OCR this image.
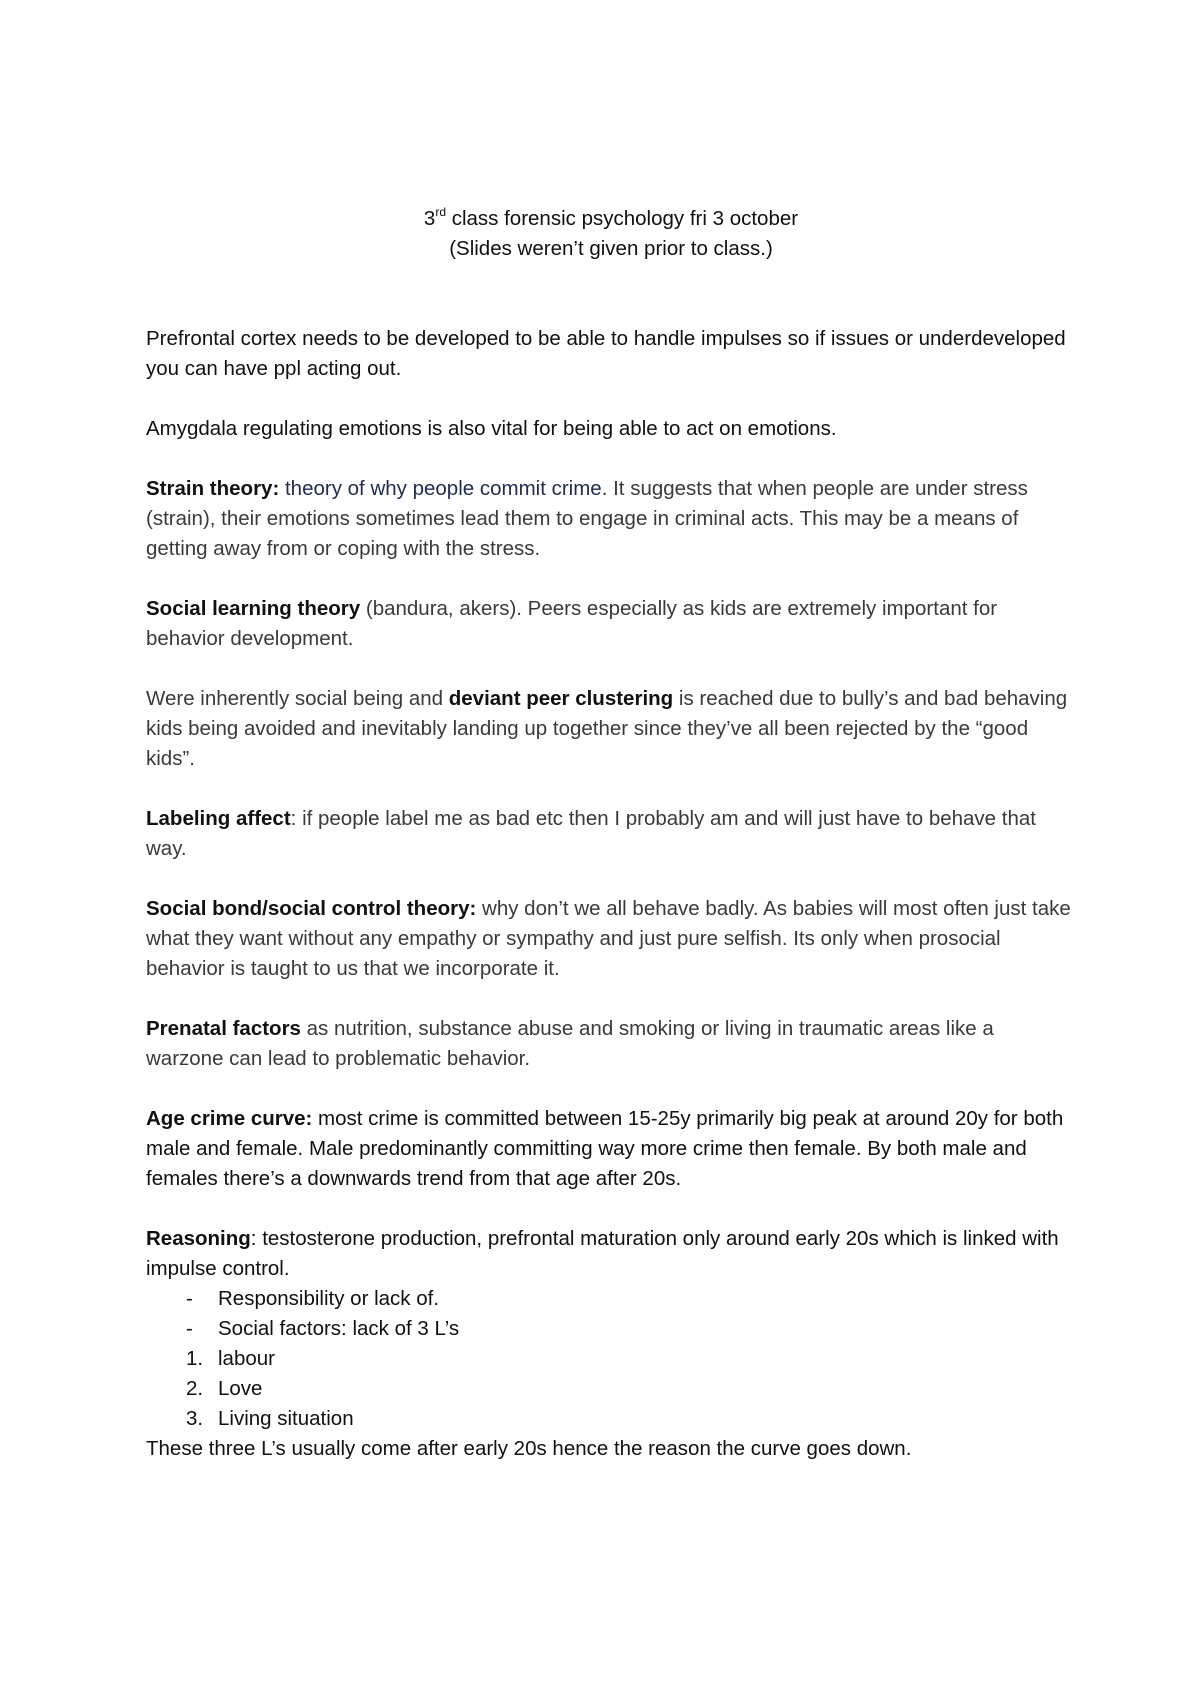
3rd class forensic psychology fri 3 october
(Slides weren’t given prior to class.)

Prefrontal cortex needs to be developed to be able to handle impulses so if issues or underdeveloped you can have ppl acting out.

Amygdala regulating emotions is also vital for being able to act on emotions.

Strain theory: theory of why people commit crime. It suggests that when people are under stress (strain), their emotions sometimes lead them to engage in criminal acts. This may be a means of getting away from or coping with the stress.

Social learning theory (bandura, akers). Peers especially as kids are extremely important for behavior development.

Were inherently social being and deviant peer clustering is reached due to bully’s and bad behaving kids being avoided and inevitably landing up together since they’ve all been rejected by the “good kids”.

Labeling affect: if people label me as bad etc then I probably am and will just have to behave that way.

Social bond/social control theory: why don’t we all behave badly. As babies will most often just take what they want without any empathy or sympathy and just pure selfish. Its only when prosocial behavior is taught to us that we incorporate it.

Prenatal factors as nutrition, substance abuse and smoking or living in traumatic areas like a warzone can lead to problematic behavior.

Age crime curve: most crime is committed between 15-25y primarily big peak at around 20y for both male and female. Male predominantly committing way more crime then female. By both male and females there’s a downwards trend from that age after 20s.

Reasoning: testosterone production, prefrontal maturation only around early 20s which is linked with impulse control.

-	Responsibility or lack of.
-	Social factors: lack of 3 L’s
1. labour
2. Love
3. Living situation

These three L’s usually come after early 20s hence the reason the curve goes down.
